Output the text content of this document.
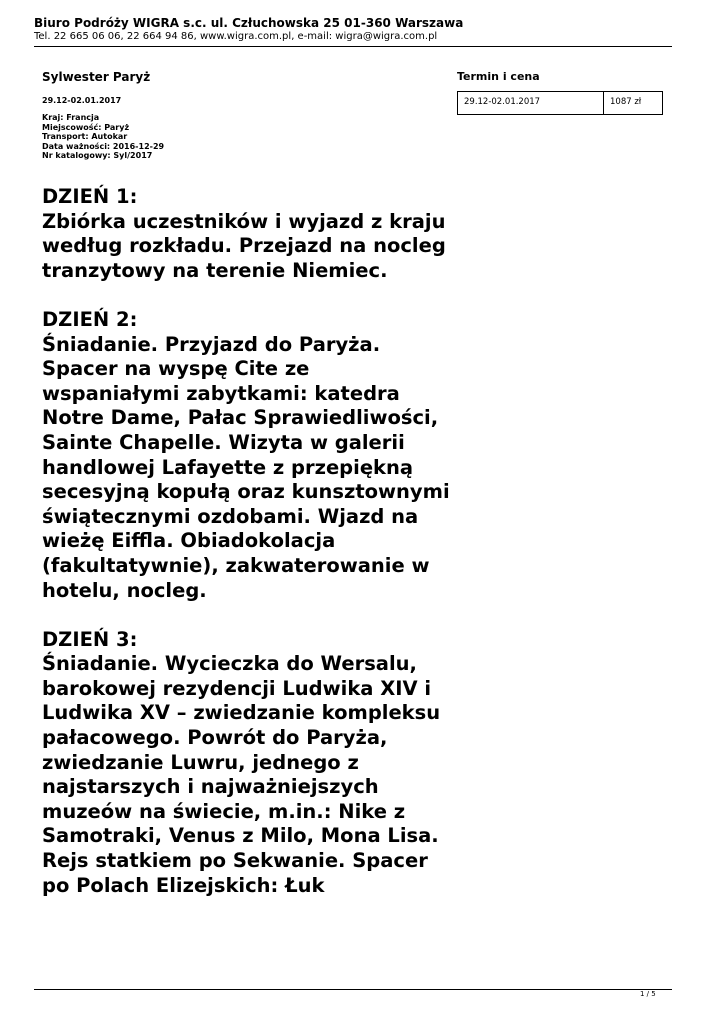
Biuro Podróży WIGRA s.c. ul. Człuchowska 25 01-360 Warszawa
Tel. 22 665 06 06, 22 664 94 86, www.wigra.com.pl, e-mail: wigra@wigra.com.pl
Sylwester Paryż
29.12-02.01.2017
Kraj: Francja
Miejscowość: Paryż
Transport: Autokar
Data ważności: 2016-12-29
Nr katalogowy: Syl/2017
Termin i cena
29.12-02.01.2017	1087 zł

DZIEŃ 1:

Zbiórka uczestników i wyjazd z kraju według rozkładu. Przejazd na nocleg tranzytowy na terenie Niemiec.

DZIEŃ 2:

Śniadanie. Przyjazd do Paryża. Spacer na wyspę Cite ze wspaniałymi zabytkami: katedra Notre Dame, Pałac Sprawiedliwości, Sainte Chapelle. Wizyta w galerii handlowej Lafayette z przepiękną secesyjną kopułą oraz kunsztownymi świątecznymi ozdobami. Wjazd na wieżę Eiffla. Obiadokolacja (fakultatywnie), zakwaterowanie w hotelu, nocleg.

DZIEŃ 3:

Śniadanie. Wycieczka do Wersalu, barokowej rezydencji Ludwika XIV i Ludwika XV – zwiedzanie kompleksu pałacowego. Powrót do Paryża, zwiedzanie Luwru, jednego z najstarszych i najważniejszych muzeów na świecie, m.in.: Nike z Samotraki, Venus z Milo, Mona Lisa. Rejs statkiem po Sekwanie. Spacer po Polach Elizejskich: Łuk

1 / 5
